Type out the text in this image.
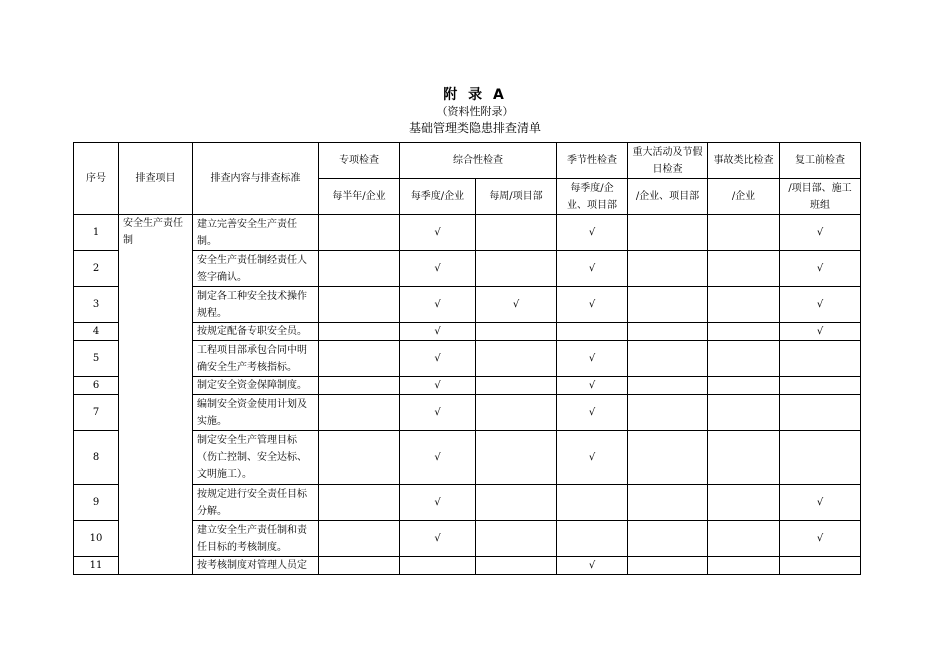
附 录 A
（资料性附录）
基础管理类隐患排查清单
序号	排查项目	排查内容与排查标准	专项检查	综合性检查		季节性检查	重大活动及节假日检查	事故类比检查	复工前检查
			每半年/企业	每季度/企业	每周/项目部	每季度/企业、项目部	/企业、项目部	/企业	/项目部、施工班组
1	安全生产责任制	建立完善安全生产责任制。		√		√			√
2		安全生产责任制经责任人签字确认。		√		√			√
3		制定各工种安全技术操作规程。		√	√	√			√
4		按规定配备专职安全员。		√					√
5		工程项目部承包合同中明确安全生产考核指标。		√		√			
6		制定安全资金保障制度。		√		√			
7		编制安全资金使用计划及实施。		√		√			
8		制定安全生产管理目标（伤亡控制、安全达标、文明施工）。		√		√			
9		按规定进行安全责任目标分解。		√					√
10		建立安全生产责任制和责任目标的考核制度。		√					√
11		按考核制度对管理人员定				√			
